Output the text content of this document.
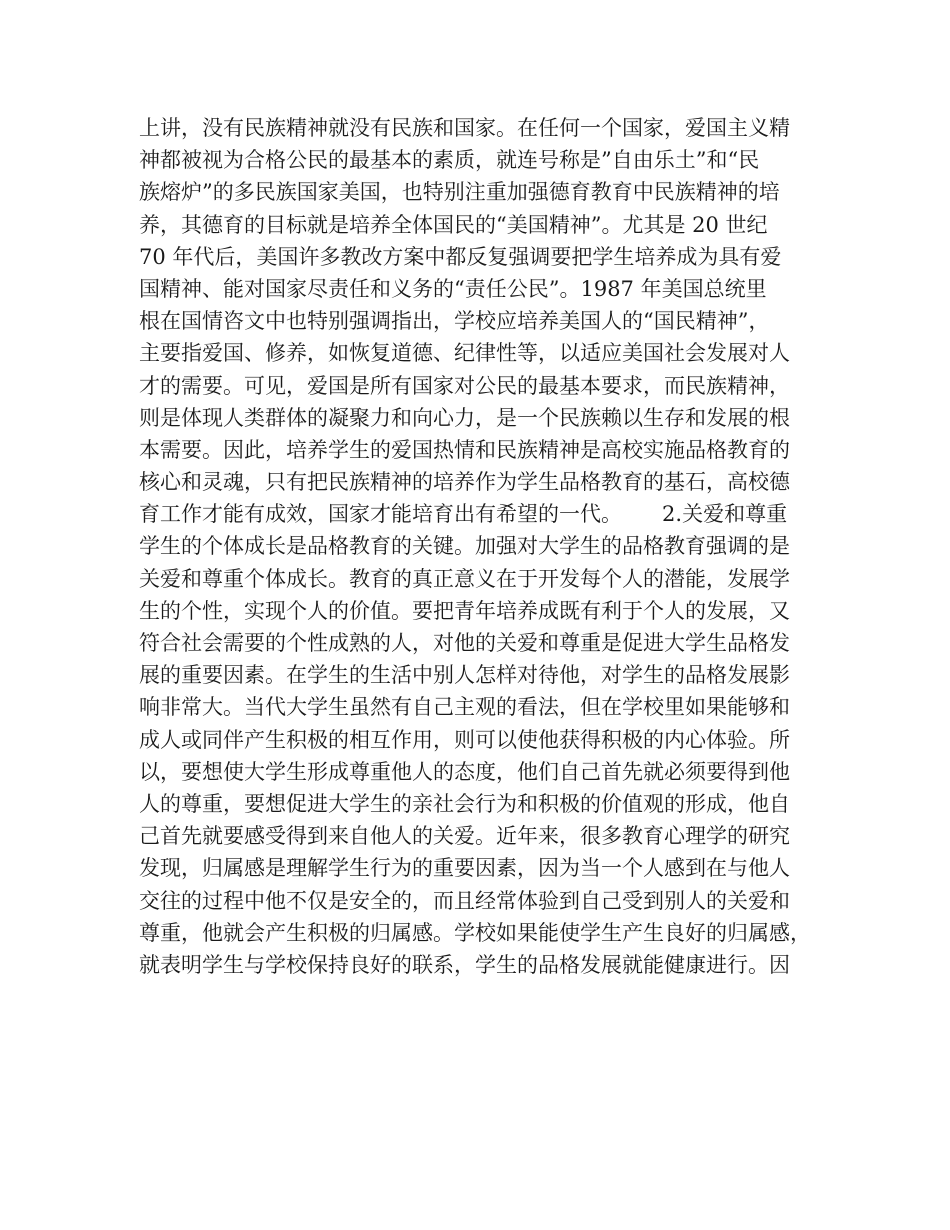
上讲，没有民族精神就没有民族和国家。在任何一个国家，爱国主义精
神都被视为合格公民的最基本的素质，就连号称是”自由乐土”和“民
族熔炉”的多民族国家美国，也特别注重加强德育教育中民族精神的培
养，其德育的目标就是培养全体国民的“美国精神”。尤其是 20 世纪
70 年代后，美国许多教改方案中都反复强调要把学生培养成为具有爱
国精神、能对国家尽责任和义务的“责任公民”。1987 年美国总统里
根在国情咨文中也特别强调指出，学校应培养美国人的“国民精神”，
主要指爱国、修养，如恢复道德、纪律性等，以适应美国社会发展对人
才的需要。可见，爱国是所有国家对公民的最基本要求，而民族精神，
则是体现人类群体的凝聚力和向心力，是一个民族赖以生存和发展的根
本需要。因此，培养学生的爱国热情和民族精神是高校实施品格教育的
核心和灵魂，只有把民族精神的培养作为学生品格教育的基石，高校德
育工作才能有成效，国家才能培育出有希望的一代。      2.关爱和尊重
学生的个体成长是品格教育的关键。加强对大学生的品格教育强调的是
关爱和尊重个体成长。教育的真正意义在于开发每个人的潜能，发展学
生的个性，实现个人的价值。要把青年培养成既有利于个人的发展，又
符合社会需要的个性成熟的人，对他的关爱和尊重是促进大学生品格发
展的重要因素。在学生的生活中别人怎样对待他，对学生的品格发展影
响非常大。当代大学生虽然有自己主观的看法，但在学校里如果能够和
成人或同伴产生积极的相互作用，则可以使他获得积极的内心体验。所
以，要想使大学生形成尊重他人的态度，他们自己首先就必须要得到他
人的尊重，要想促进大学生的亲社会行为和积极的价值观的形成，他自
己首先就要感受得到来自他人的关爱。近年来，很多教育心理学的研究
发现，归属感是理解学生行为的重要因素，因为当一个人感到在与他人
交往的过程中他不仅是安全的，而且经常体验到自己受到别人的关爱和
尊重，他就会产生积极的归属感。学校如果能使学生产生良好的归属感，
就表明学生与学校保持良好的联系，学生的品格发展就能健康进行。因
